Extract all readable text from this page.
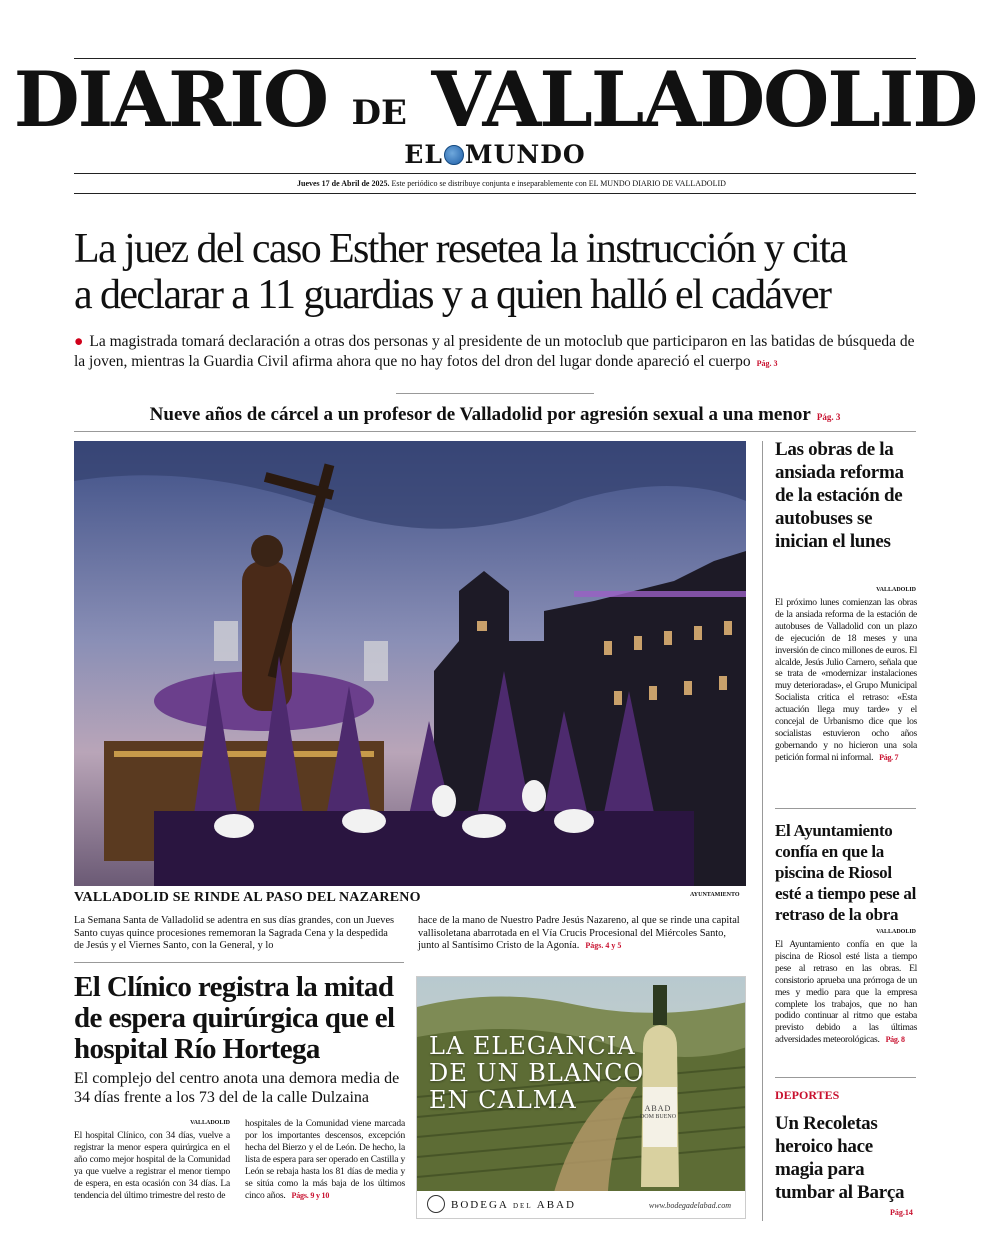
DIARIO DE VALLADOLID
EL MUNDO
Jueves 17 de Abril de 2025. Este periódico se distribuye conjunta e inseparablemente con EL MUNDO DIARIO DE VALLADOLID
La juez del caso Esther resetea la instrucción y cita
a declarar a 11 guardias y a quien halló el cadáver
● La magistrada tomará declaración a otras dos personas y al presidente de un motoclub que participaron en las batidas de búsqueda de la joven, mientras la Guardia Civil afirma ahora que no hay fotos del dron del lugar donde apareció el cuerpo Pág. 3
Nueve años de cárcel a un profesor de Valladolid por agresión sexual a una menor Pág. 3
VALLADOLID SE RINDE AL PASO DEL NAZARENO	AYUNTAMIENTO
La Semana Santa de Valladolid se adentra en sus días grandes, con un Jueves Santo cuyas quince procesiones rememoran la Sagrada Cena y la despedida de Jesús y el Viernes Santo, con la General, y lo
hace de la mano de Nuestro Padre Jesús Nazareno, al que se rinde una capital vallisoletana abarrotada en el Vía Crucis Procesional del Miércoles Santo, junto al Santísimo Cristo de la Agonía. Págs. 4 y 5
El Clínico registra la mitad de espera quirúrgica que el hospital Río Hortega
El complejo del centro anota una demora media de 34 días frente a los 73 del de la calle Dulzaina
VALLADOLID
El hospital Clínico, con 34 días, vuelve a registrar la menor espera quirúrgica en el año como mejor hospital de la Comunidad ya que vuelve a registrar el menor tiempo de espera, en esta ocasión con 34 días. La tendencia del último trimestre del resto de
hospitales de la Comunidad viene marcada por los importantes descensos, excepción hecha del Bierzo y el de León. De hecho, la lista de espera para ser operado en Castilla y León se rebaja hasta los 81 días de media y se sitúa como la más baja de los últimos cinco años. Págs. 9 y 10
LA ELEGANCIA
DE UN BLANCO
EN CALMA	ABAD
DOM BUENO
BODEGA DEL ABAD	www.bodegadelabad.com
Las obras de la ansiada reforma de la estación de autobuses se inician el lunes
VALLADOLID
El próximo lunes comienzan las obras de la ansiada reforma de la estación de autobuses de Valladolid con un plazo de ejecución de 18 meses y una inversión de cinco millones de euros. El alcalde, Jesús Julio Carnero, señala que se trata de «modernizar instalaciones muy deterioradas», el Grupo Municipal Socialista critica el retraso: «Esta actuación llega muy tarde» y el concejal de Urbanismo dice que los socialistas estuvieron ocho años gobernando y no hicieron una sola petición formal ni informal. Pág. 7
El Ayuntamiento confía en que la piscina de Riosol esté a tiempo pese al retraso de la obra
VALLADOLID
El Ayuntamiento confía en que la piscina de Riosol esté lista a tiempo pese al retraso en las obras. El consistorio aprueba una prórroga de un mes y medio para que la empresa complete los trabajos, que no han podido continuar al ritmo que estaba previsto debido a las últimas adversidades meteorológicas. Pág. 8
DEPORTES
Un Recoletas heroico hace magia para tumbar al Barça
Pág.14
